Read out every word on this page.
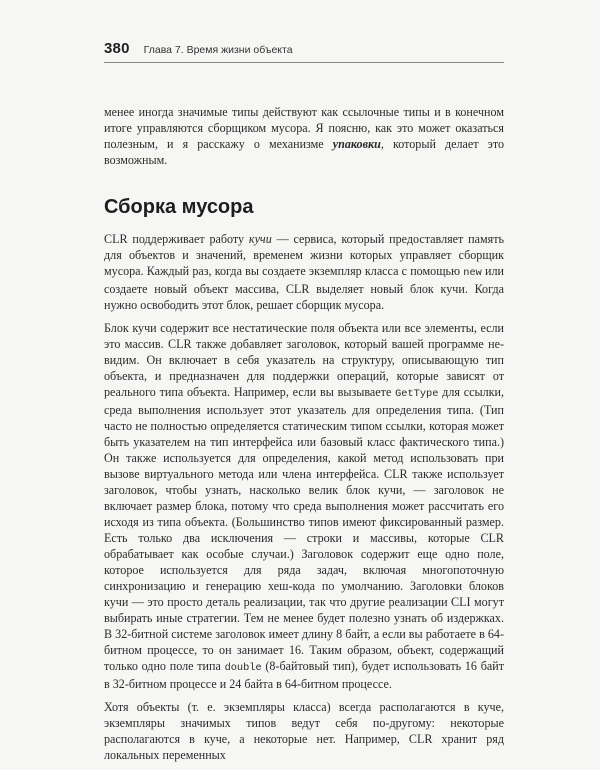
380 Глава 7. Время жизни объекта

менее иногда значимые типы действуют как ссылочные типы и в конечном итоге управляются сборщиком мусора. Я поясню, как это может оказаться полезным, и я расскажу о механизме упаковки, который делает это возможным.

Сборка мусора

CLR поддерживает работу кучи — сервиса, который предоставляет память для объектов и значений, временем жизни которых управляет сборщик мусора. Каждый раз, когда вы создаете экземпляр класса с помощью new или создаете новый объект массива, CLR выделяет новый блок кучи. Когда нужно освободить этот блок, решает сборщик мусора.

Блок кучи содержит все нестатические поля объекта или все элементы, если это массив. CLR также добавляет заголовок, который вашей программе невидим. Он включает в себя указатель на структуру, описывающую тип объекта, и предназначен для поддержки операций, которые зависят от реального типа объекта. Например, если вы вызываете GetType для ссылки, среда выполнения использует этот указатель для определения типа. (Тип часто не полностью определяется статическим типом ссылки, которая может быть указателем на тип интерфейса или базовый класс фактического типа.) Он также используется для определения, какой метод использовать при вызове виртуального метода или члена интерфейса. CLR также использует заголовок, чтобы узнать, насколько велик блок кучи, — заголовок не включает размер блока, потому что среда выполнения может рассчитать его исходя из типа объекта. (Большинство типов имеют фиксированный размер. Есть только два исключения — строки и массивы, которые CLR обрабатывает как особые случаи.) Заголовок содержит еще одно поле, которое используется для ряда задач, включая многопоточную синхронизацию и генерацию хеш-кода по умолчанию. Заголовки блоков кучи — это просто деталь реализации, так что другие реализации CLI могут выбирать иные стратегии. Тем не менее будет полезно узнать об издержках. В 32-битной системе заголовок имеет длину 8 байт, а если вы работаете в 64-битном процессе, то он занимает 16. Таким образом, объект, содержащий только одно поле типа double (8-байтовый тип), будет использовать 16 байт в 32-битном процессе и 24 байта в 64-битном процессе.

Хотя объекты (т. е. экземпляры класса) всегда располагаются в куче, экземпляры значимых типов ведут себя по-другому: некоторые располагаются в куче, а некоторые нет. Например, CLR хранит ряд локальных переменных
